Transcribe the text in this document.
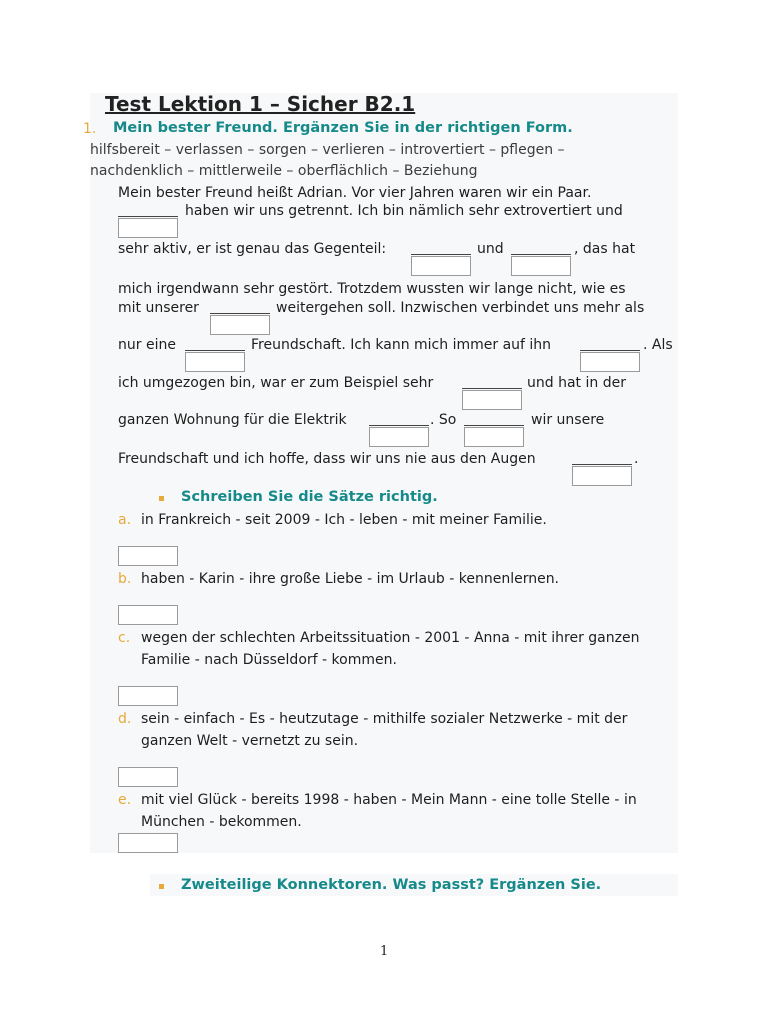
Test Lektion 1 – Sicher B2.1
1. Mein bester Freund. Ergänzen Sie in der richtigen Form.
hilfsbereit – verlassen – sorgen – verlieren – introvertiert – pflegen –
nachdenklich – mittlerweile – oberflächlich – Beziehung
Mein bester Freund heißt Adrian. Vor vier Jahren waren wir ein Paar.
haben wir uns getrennt. Ich bin nämlich sehr extrovertiert und
sehr aktiv, er ist genau das Gegenteil:	und	, das hat
mich irgendwann sehr gestört. Trotzdem wussten wir lange nicht, wie es
mit unserer	weitergehen soll. Inzwischen verbindet uns mehr als
nur eine	Freundschaft. Ich kann mich immer auf ihn	. Als
ich umgezogen bin, war er zum Beispiel sehr	und hat in der
ganzen Wohnung für die Elektrik	. So	wir unsere
Freundschaft und ich hoffe, dass wir uns nie aus den Augen	.
Schreiben Sie die Sätze richtig.
a. in Frankreich - seit 2009 - Ich - leben - mit meiner Familie.
b. haben - Karin - ihre große Liebe - im Urlaub - kennenlernen.
c. wegen der schlechten Arbeitssituation - 2001 - Anna - mit ihrer ganzen
Familie - nach Düsseldorf - kommen.
d. sein - einfach - Es - heutzutage - mithilfe sozialer Netzwerke - mit der
ganzen Welt - vernetzt zu sein.
e. mit viel Glück - bereits 1998 - haben - Mein Mann - eine tolle Stelle - in
München - bekommen.
Zweiteilige Konnektoren. Was passt? Ergänzen Sie.
1
